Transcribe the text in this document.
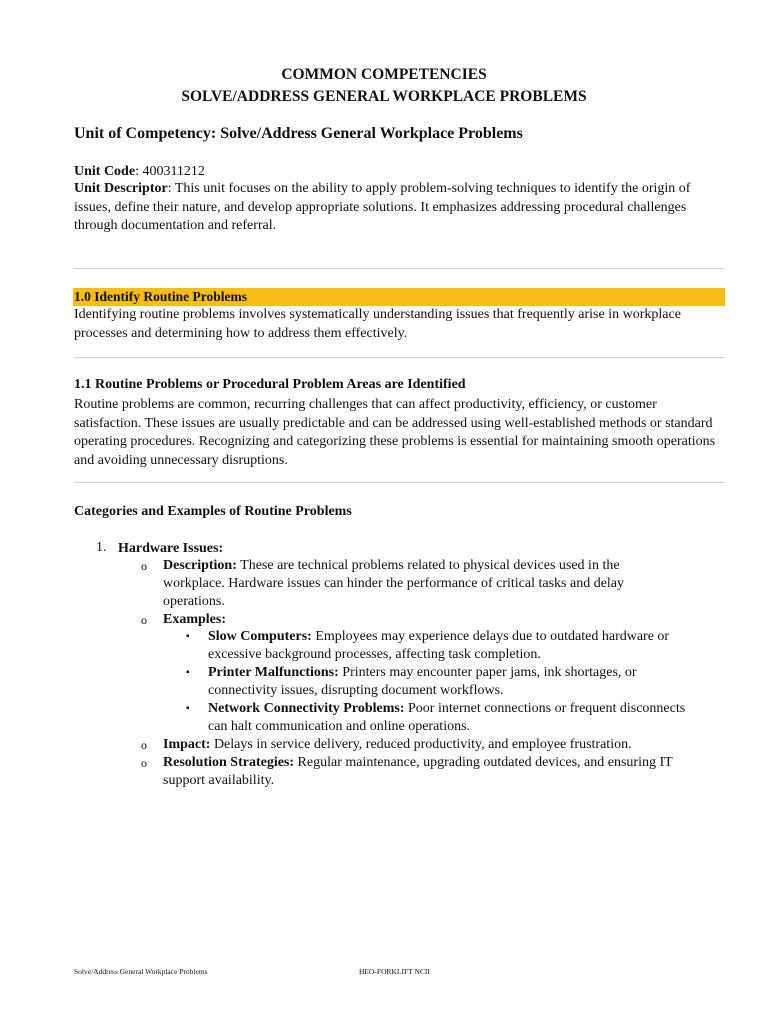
COMMON COMPETENCIES
SOLVE/ADDRESS GENERAL WORKPLACE PROBLEMS
Unit of Competency: Solve/Address General Workplace Problems
Unit Code: 400311212
Unit Descriptor: This unit focuses on the ability to apply problem-solving techniques to identify the origin of issues, define their nature, and develop appropriate solutions. It emphasizes addressing procedural challenges through documentation and referral.
1.0 Identify Routine Problems
Identifying routine problems involves systematically understanding issues that frequently arise in workplace processes and determining how to address them effectively.
1.1 Routine Problems or Procedural Problem Areas are Identified
Routine problems are common, recurring challenges that can affect productivity, efficiency, or customer satisfaction. These issues are usually predictable and can be addressed using well-established methods or standard operating procedures. Recognizing and categorizing these problems is essential for maintaining smooth operations and avoiding unnecessary disruptions.
Categories and Examples of Routine Problems
1. Hardware Issues:
o Description: These are technical problems related to physical devices used in the
workplace. Hardware issues can hinder the performance of critical tasks and delay
operations.
o Examples:
▪ Slow Computers: Employees may experience delays due to outdated hardware or
excessive background processes, affecting task completion.
▪ Printer Malfunctions: Printers may encounter paper jams, ink shortages, or
connectivity issues, disrupting document workflows.
▪ Network Connectivity Problems: Poor internet connections or frequent disconnects
can halt communication and online operations.
o Impact: Delays in service delivery, reduced productivity, and employee frustration.
o Resolution Strategies: Regular maintenance, upgrading outdated devices, and ensuring IT
support availability.
Solve/Address General Workplace Problems	HEO-FORKLIFT NCII
